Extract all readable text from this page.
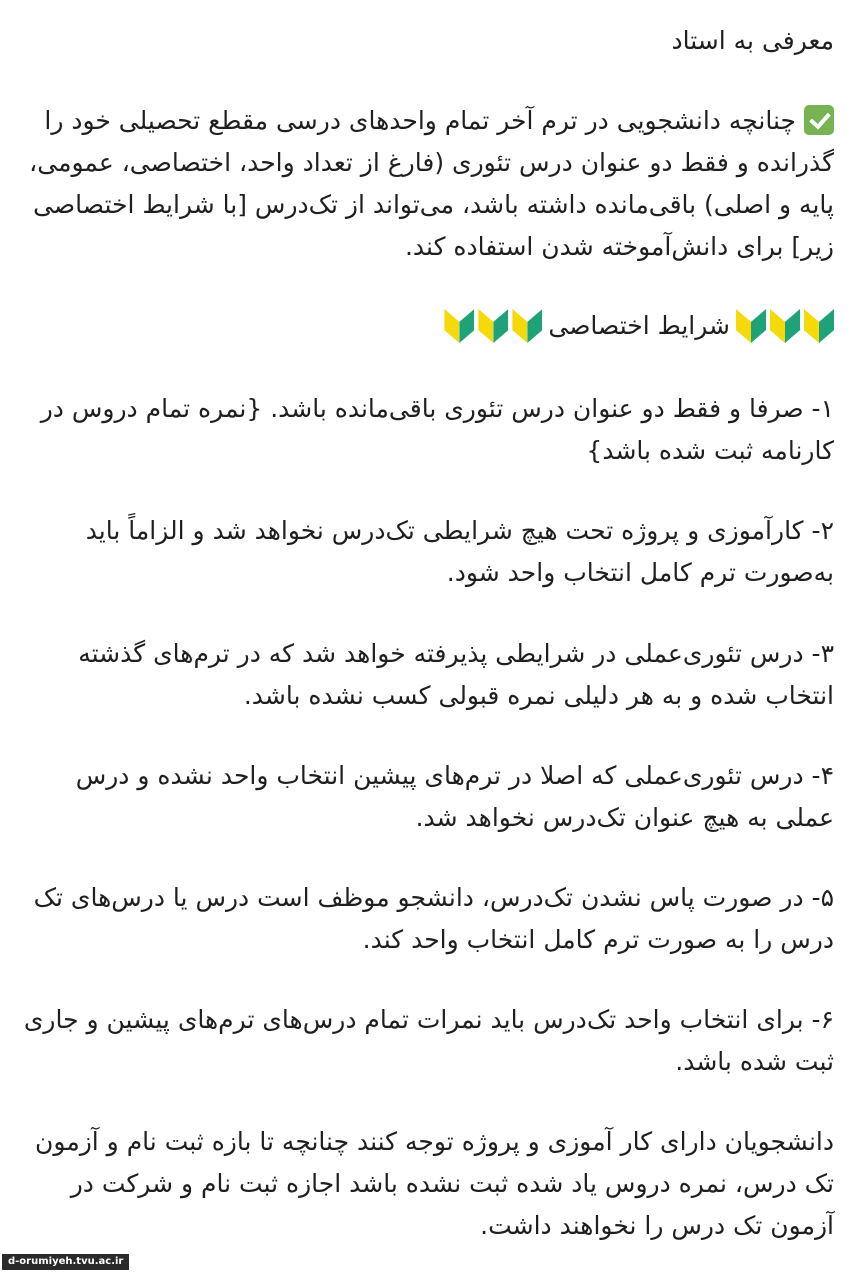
معرفی به استاد

چنانچه دانشجویی در ترم آخر تمام واحدهای درسی مقطع تحصیلی خود را گذرانده و فقط دو عنوان درس تئوری (فارغ از تعداد واحد، اختصاصی، عمومی، پایه و اصلی) باقی‌مانده داشته باشد، می‌تواند از تک‌درس [با شرایط اختصاصی زیر] برای دانش‌آموخته شدن استفاده کند.

شرایط اختصاصی

۱- صرفا و فقط دو عنوان درس تئوری باقی‌مانده باشد. {نمره تمام دروس در کارنامه ثبت شده باشد}

۲- کارآموزی و پروژه تحت هیچ شرایطی تک‌درس نخواهد شد و الزاماً باید به‌صورت ترم کامل انتخاب واحد شود.

۳- درس تئوری‌عملی در شرایطی پذیرفته خواهد شد که در ترم‌های گذشته انتخاب شده و به هر دلیلی نمره قبولی کسب نشده باشد.

۴- درس تئوری‌عملی که اصلا در ترم‌های پیشین انتخاب واحد نشده و درس عملی به هیچ عنوان تک‌درس نخواهد شد.

۵- در صورت پاس نشدن تک‌درس، دانشجو موظف است درس یا درس‌های تک درس را به صورت ترم کامل انتخاب واحد کند.

۶- برای انتخاب واحد تک‌درس باید نمرات تمام درس‌های ترم‌های پیشین و جاری ثبت شده باشد.

دانشجویان دارای کار آموزی و پروژه توجه کنند چنانچه تا بازه ثبت نام و آزمون تک درس، نمره دروس یاد شده ثبت نشده باشد اجازه ثبت نام و شرکت در آزمون تک درس را نخواهند داشت.

d-orumiyeh.tvu.ac.ir
